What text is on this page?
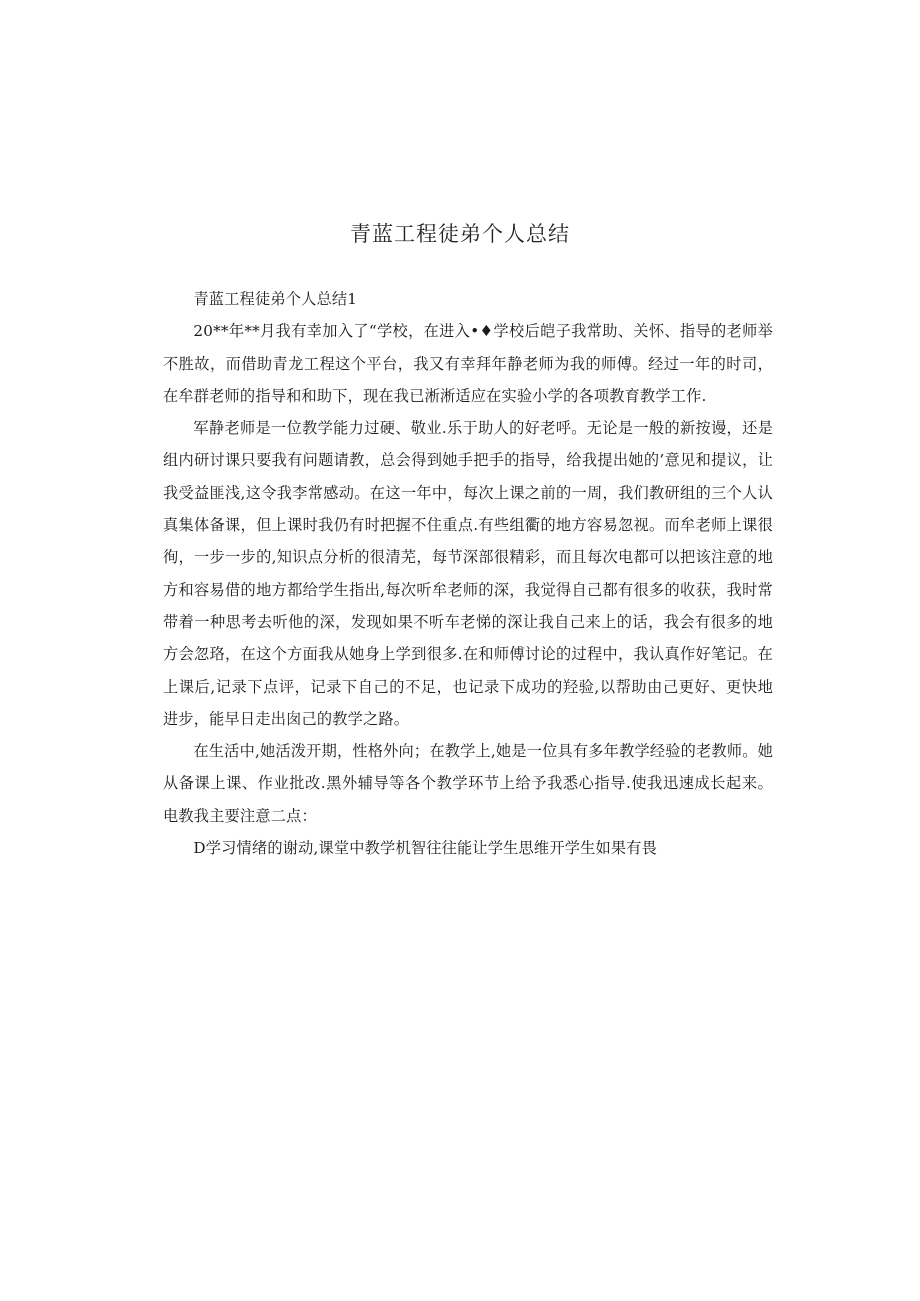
青蓝工程徒弟个人总结

青蓝工程徒弟个人总结1

20**年**月我有幸加入了“学校，在进入•♦学校后皑子我常助、关怀、指导的老师举不胜故，而借助青龙工程这个平台，我又有幸拜年静老师为我的师傅。经过一年的时司，在牟群老师的指导和和助下，现在我已淅淅适应在实验小学的各项教育教学工作.

军静老师是一位教学能力过硬、敬业.乐于助人的好老呼。无论是一般的新按谩，还是组内研讨课只要我有问题请教，总会得到她手把手的指导，给我提出她的’意见和提议，让我受益匪浅,这令我李常感动。在这一年中，每次上课之前的一周，我们教研组的三个人认真集体备课，但上课时我仍有时把握不住重点.有些组衢的地方容易忽视。而牟老师上课很徇，一步一步的,知识点分析的很清芜，每节深部很精彩，而且每次电都可以把该注意的地方和容易借的地方都给学生指出,每次听牟老师的深，我觉得自己都有很多的收获，我时常带着一种思考去听他的深，发现如果不听车老悌的深让我自己来上的话，我会有很多的地方会忽珞，在这个方面我从她身上学到很多.在和师傅讨论的过程中，我认真作好笔记。在上课后,记录下点评，记录下自己的不足，也记录下成功的羟验,以帮助由己更好、更快地进步，能早日走出囱己的教学之路。

在生活中,她活泼开期，性格外向；在教学上,她是一位具有多年教学经验的老教师。她从备课上课、作业批改.黑外辅导等各个教学环节上给予我悉心指导.使我迅速成长起来。电教我主要注意二点：

D学习情绪的谢动,课堂中教学机智往往能让学生思维开学生如果有畏
